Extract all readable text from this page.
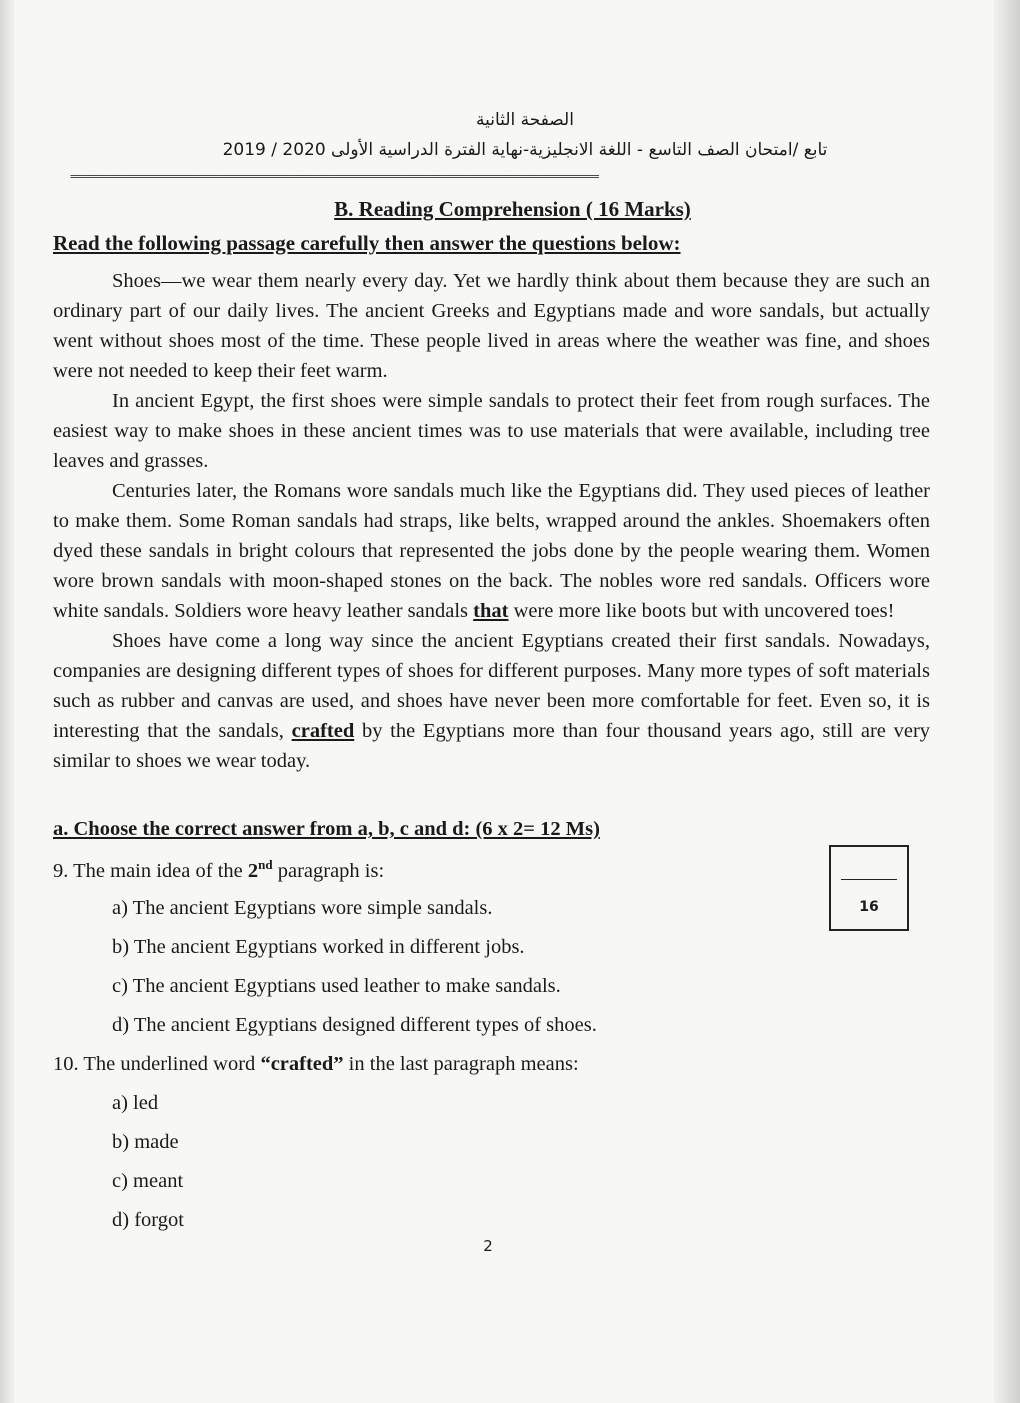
الصفحة الثانية
تابع /امتحان الصف التاسع - اللغة الانجليزية-نهاية الفترة الدراسية الأولى 2020 / 2019
==============================================================================================
B. Reading Comprehension ( 16 Marks)
Read the following passage carefully then answer the questions below:

Shoes—we wear them nearly every day. Yet we hardly think about them because they are such an ordinary part of our daily lives. The ancient Greeks and Egyptians made and wore sandals, but actually went without shoes most of the time. These people lived in areas where the weather was fine, and shoes were not needed to keep their feet warm.

In ancient Egypt, the first shoes were simple sandals to protect their feet from rough surfaces. The easiest way to make shoes in these ancient times was to use materials that were available, including tree leaves and grasses.

Centuries later, the Romans wore sandals much like the Egyptians did. They used pieces of leather to make them. Some Roman sandals had straps, like belts, wrapped around the ankles. Shoemakers often dyed these sandals in bright colours that represented the jobs done by the people wearing them. Women wore brown sandals with moon-shaped stones on the back. The nobles wore red sandals. Officers wore white sandals. Soldiers wore heavy leather sandals that were more like boots but with uncovered toes!

Shoes have come a long way since the ancient Egyptians created their first sandals. Nowadays, companies are designing different types of shoes for different purposes. Many more types of soft materials such as rubber and canvas are used, and shoes have never been more comfortable for feet. Even so, it is interesting that the sandals, crafted by the Egyptians more than four thousand years ago, still are very similar to shoes we wear today.

a. Choose the correct answer from a, b, c and d: (6 x 2= 12 Ms)
9. The main idea of the 2nd paragraph is:
a) The ancient Egyptians wore simple sandals.
b) The ancient Egyptians worked in different jobs.
c) The ancient Egyptians used leather to make sandals.
d) The ancient Egyptians designed different types of shoes.
10. The underlined word “crafted” in the last paragraph means:
a) led
b) made
c) meant
d) forgot
16
2
